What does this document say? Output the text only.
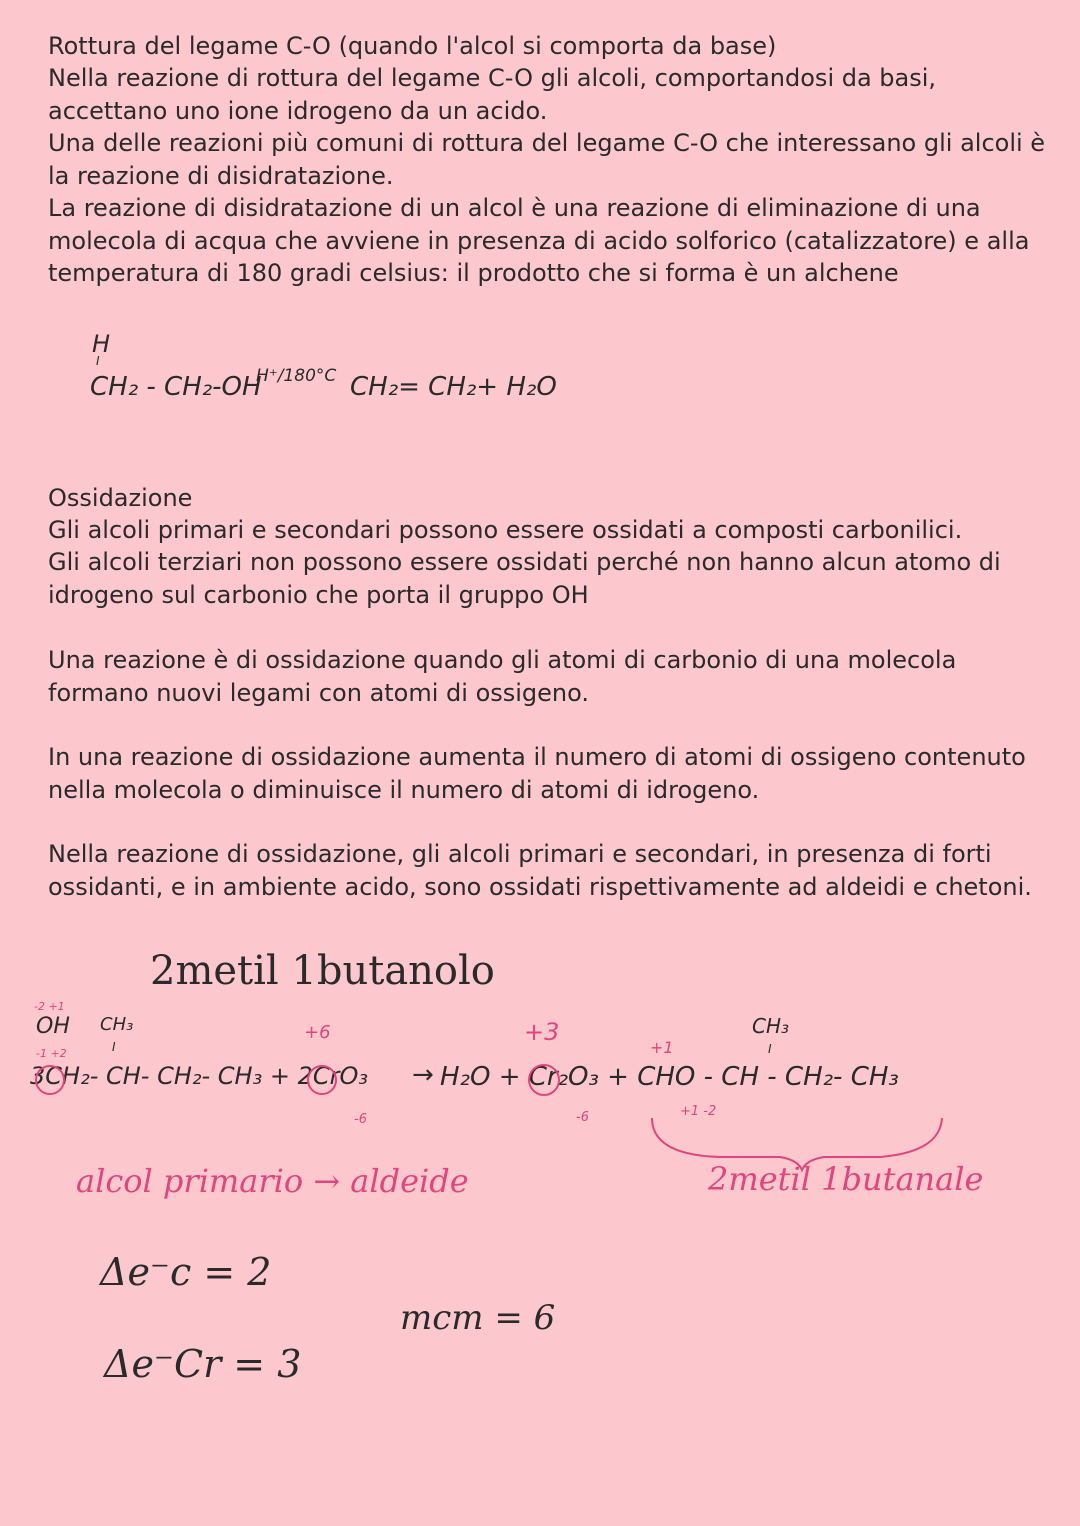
Rottura del legame C-O (quando l'alcol si comporta da base)

Nella reazione di rottura del legame C-O gli alcoli, comportandosi da basi, accettano uno ione idrogeno da un acido.

Una delle reazioni più comuni di rottura del legame C-O che interessano gli alcoli è la reazione di disidratazione.

La reazione di disidratazione di un alcol è una reazione di eliminazione di una molecola di acqua che avviene in presenza di acido solforico (catalizzatore) e alla temperatura di 180 gradi celsius: il prodotto che si forma è un alchene

H
I
CH₂ - CH₂-OH
H⁺/180°C CH₂= CH₂+ H₂O

Ossidazione

Gli alcoli primari e secondari possono essere ossidati a composti carbonilici.

Gli alcoli terziari non possono essere ossidati perché non hanno alcun atomo di idrogeno sul carbonio che porta il gruppo OH

Una reazione è di ossidazione quando gli atomi di carbonio di una molecola formano nuovi legami con atomi di ossigeno.

In una reazione di ossidazione aumenta il numero di atomi di ossigeno contenuto nella molecola o diminuisce il numero di atomi di idrogeno.

Nella reazione di ossidazione, gli alcoli primari e secondari, in presenza di forti ossidanti, e in ambiente acido, sono ossidati rispettivamente ad aldeidi e chetoni.

2metil 1butanolo
-2 +1
OH CH₃
I
-1 +2
+6	+3
+1
CH₃
I
3CH₂- CH- CH₂- CH₃ + 2CrO₃ → H₂O + Cr₂O₃ + CHO - CH - CH₂- CH₃
-6	-6	+1 -2
alcol primario → aldeide	2metil 1butanale
Δe⁻c = 2
mcm = 6
Δe⁻Cr = 3
